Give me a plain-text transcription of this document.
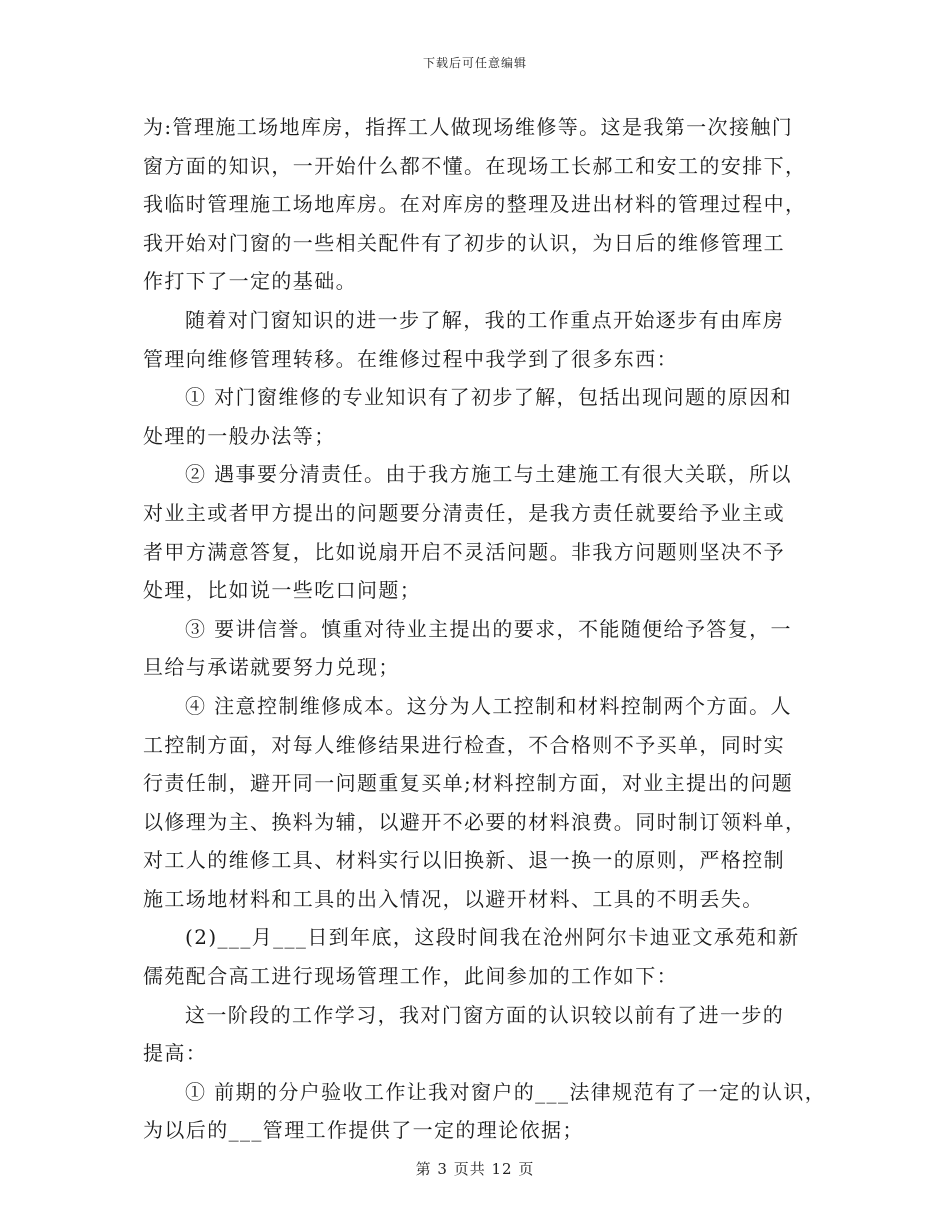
下载后可任意编辑
为:管理施工场地库房，指挥工人做现场维修等。这是我第一次接触门
窗方面的知识，一开始什么都不懂。在现场工长郝工和安工的安排下，
我临时管理施工场地库房。在对库房的整理及进出材料的管理过程中，
我开始对门窗的一些相关配件有了初步的认识，为日后的维修管理工
作打下了一定的基础。
随着对门窗知识的进一步了解，我的工作重点开始逐步有由库房
管理向维修管理转移。在维修过程中我学到了很多东西：
① 对门窗维修的专业知识有了初步了解，包括出现问题的原因和
处理的一般办法等；
② 遇事要分清责任。由于我方施工与土建施工有很大关联，所以
对业主或者甲方提出的问题要分清责任，是我方责任就要给予业主或
者甲方满意答复，比如说扇开启不灵活问题。非我方问题则坚决不予
处理，比如说一些吃口问题；
③ 要讲信誉。慎重对待业主提出的要求，不能随便给予答复，一
旦给与承诺就要努力兑现；
④ 注意控制维修成本。这分为人工控制和材料控制两个方面。人
工控制方面，对每人维修结果进行检查，不合格则不予买单，同时实
行责任制，避开同一问题重复买单;材料控制方面，对业主提出的问题
以修理为主、换料为辅，以避开不必要的材料浪费。同时制订领料单，
对工人的维修工具、材料实行以旧换新、退一换一的原则，严格控制
施工场地材料和工具的出入情况，以避开材料、工具的不明丢失。
(2)___月___日到年底，这段时间我在沧州阿尔卡迪亚文承苑和新
儒苑配合高工进行现场管理工作，此间参加的工作如下：
这一阶段的工作学习，我对门窗方面的认识较以前有了进一步的
提高：
① 前期的分户验收工作让我对窗户的___法律规范有了一定的认识，
为以后的___管理工作提供了一定的理论依据；
第 3 页共 12 页
